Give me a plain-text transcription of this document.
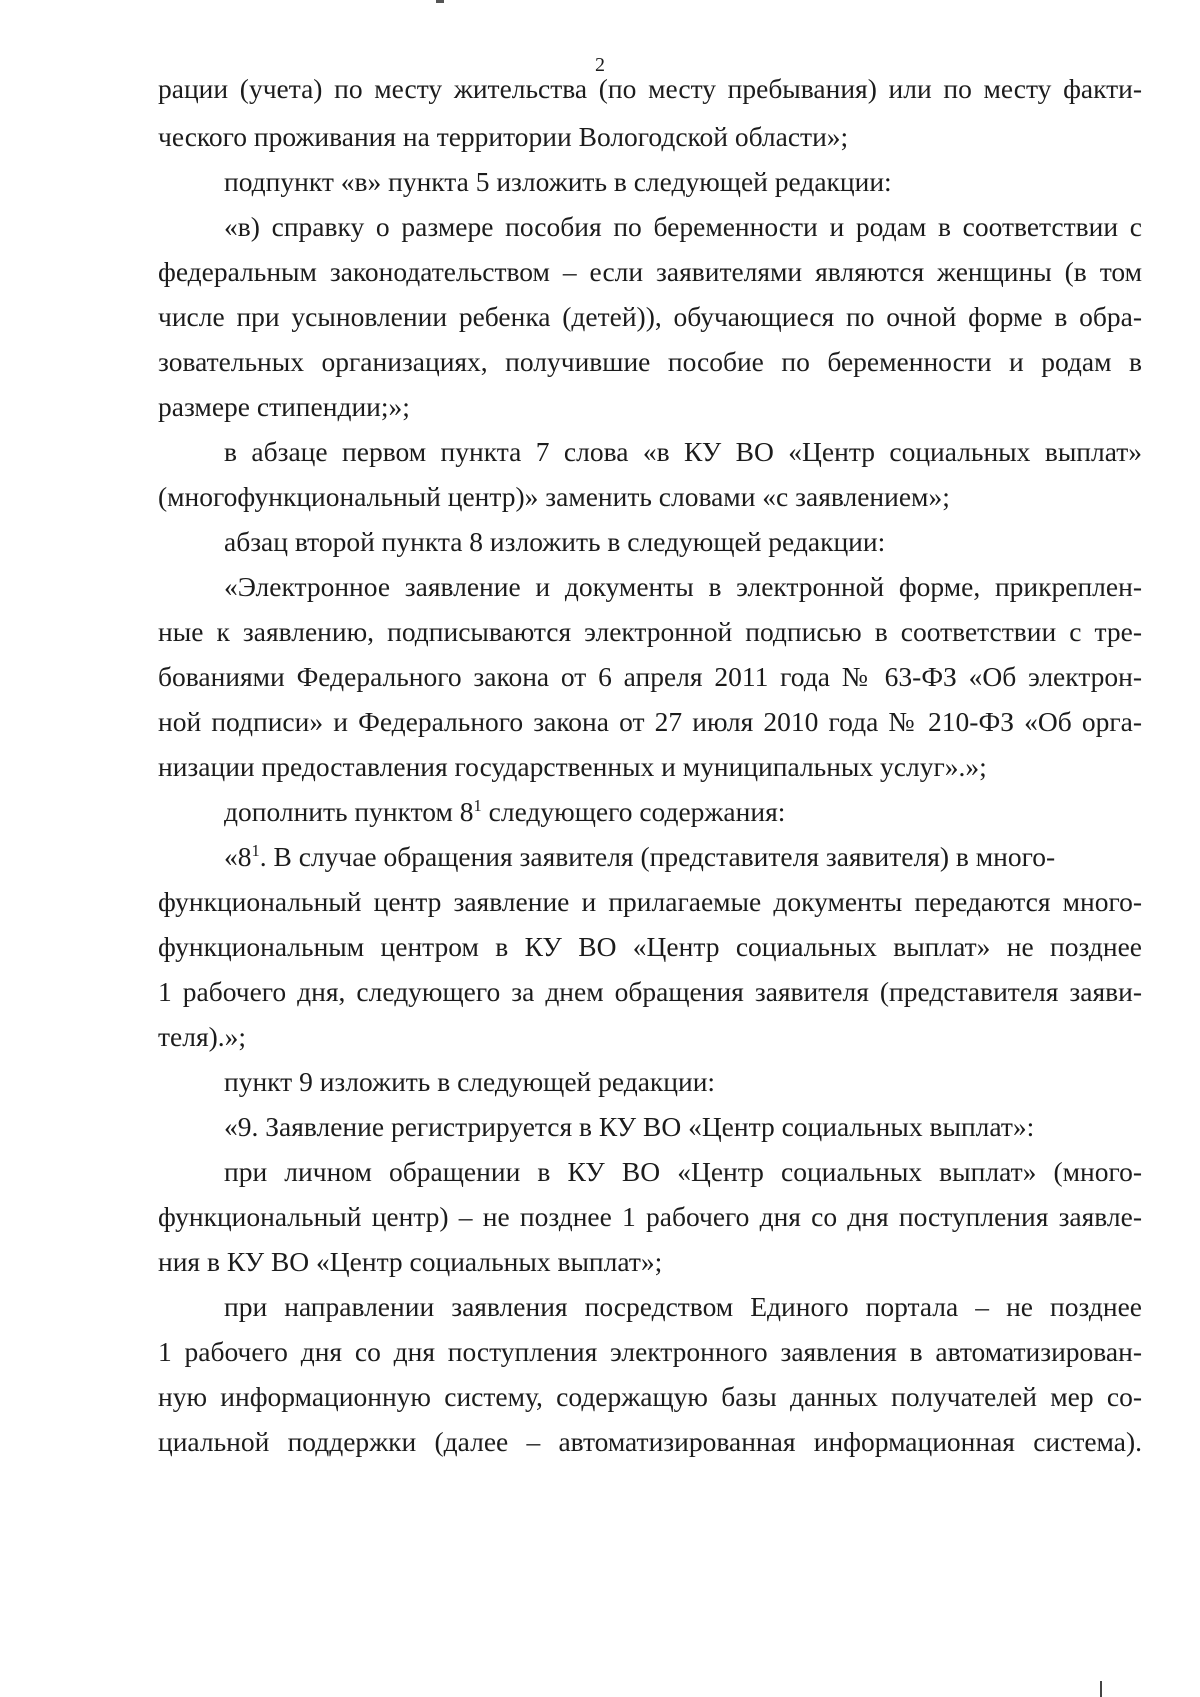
2
рации (учета) по месту жительства (по месту пребывания) или по месту факти-
ческого проживания на территории Вологодской области»;
подпункт «в» пункта 5 изложить в следующей редакции:
«в) справку о размере пособия по беременности и родам в соответствии с
федеральным законодательством – если заявителями являются женщины (в том
числе при усыновлении ребенка (детей)), обучающиеся по очной форме в обра-
зовательных организациях, получившие пособие по беременности и родам в
размере стипендии;»;
в абзаце первом пункта 7 слова «в КУ ВО «Центр социальных выплат»
(многофункциональный центр)» заменить словами «с заявлением»;
абзац второй пункта 8 изложить в следующей редакции:
«Электронное заявление и документы в электронной форме, прикреплен-
ные к заявлению, подписываются электронной подписью в соответствии с тре-
бованиями Федерального закона от 6 апреля 2011 года № 63-ФЗ «Об электрон-
ной подписи» и Федерального закона от 27 июля 2010 года № 210-ФЗ «Об орга-
низации предоставления государственных и муниципальных услуг».»;
дополнить пунктом $8^1$ следующего содержания:
«$8^1$. В случае обращения заявителя (представителя заявителя) в много-
функциональный центр заявление и прилагаемые документы передаются много-
функциональным центром в КУ ВО «Центр социальных выплат» не позднее
1 рабочего дня, следующего за днем обращения заявителя (представителя заяви-
теля).»;
пункт 9 изложить в следующей редакции:
«9. Заявление регистрируется в КУ ВО «Центр социальных выплат»:
при личном обращении в КУ ВО «Центр социальных выплат» (много-
функциональный центр) – не позднее 1 рабочего дня со дня поступления заявле-
ния в КУ ВО «Центр социальных выплат»;
при направлении заявления посредством Единого портала – не позднее
1 рабочего дня со дня поступления электронного заявления в автоматизирован-
ную информационную систему, содержащую базы данных получателей мер со-
циальной поддержки (далее – автоматизированная информационная система).
